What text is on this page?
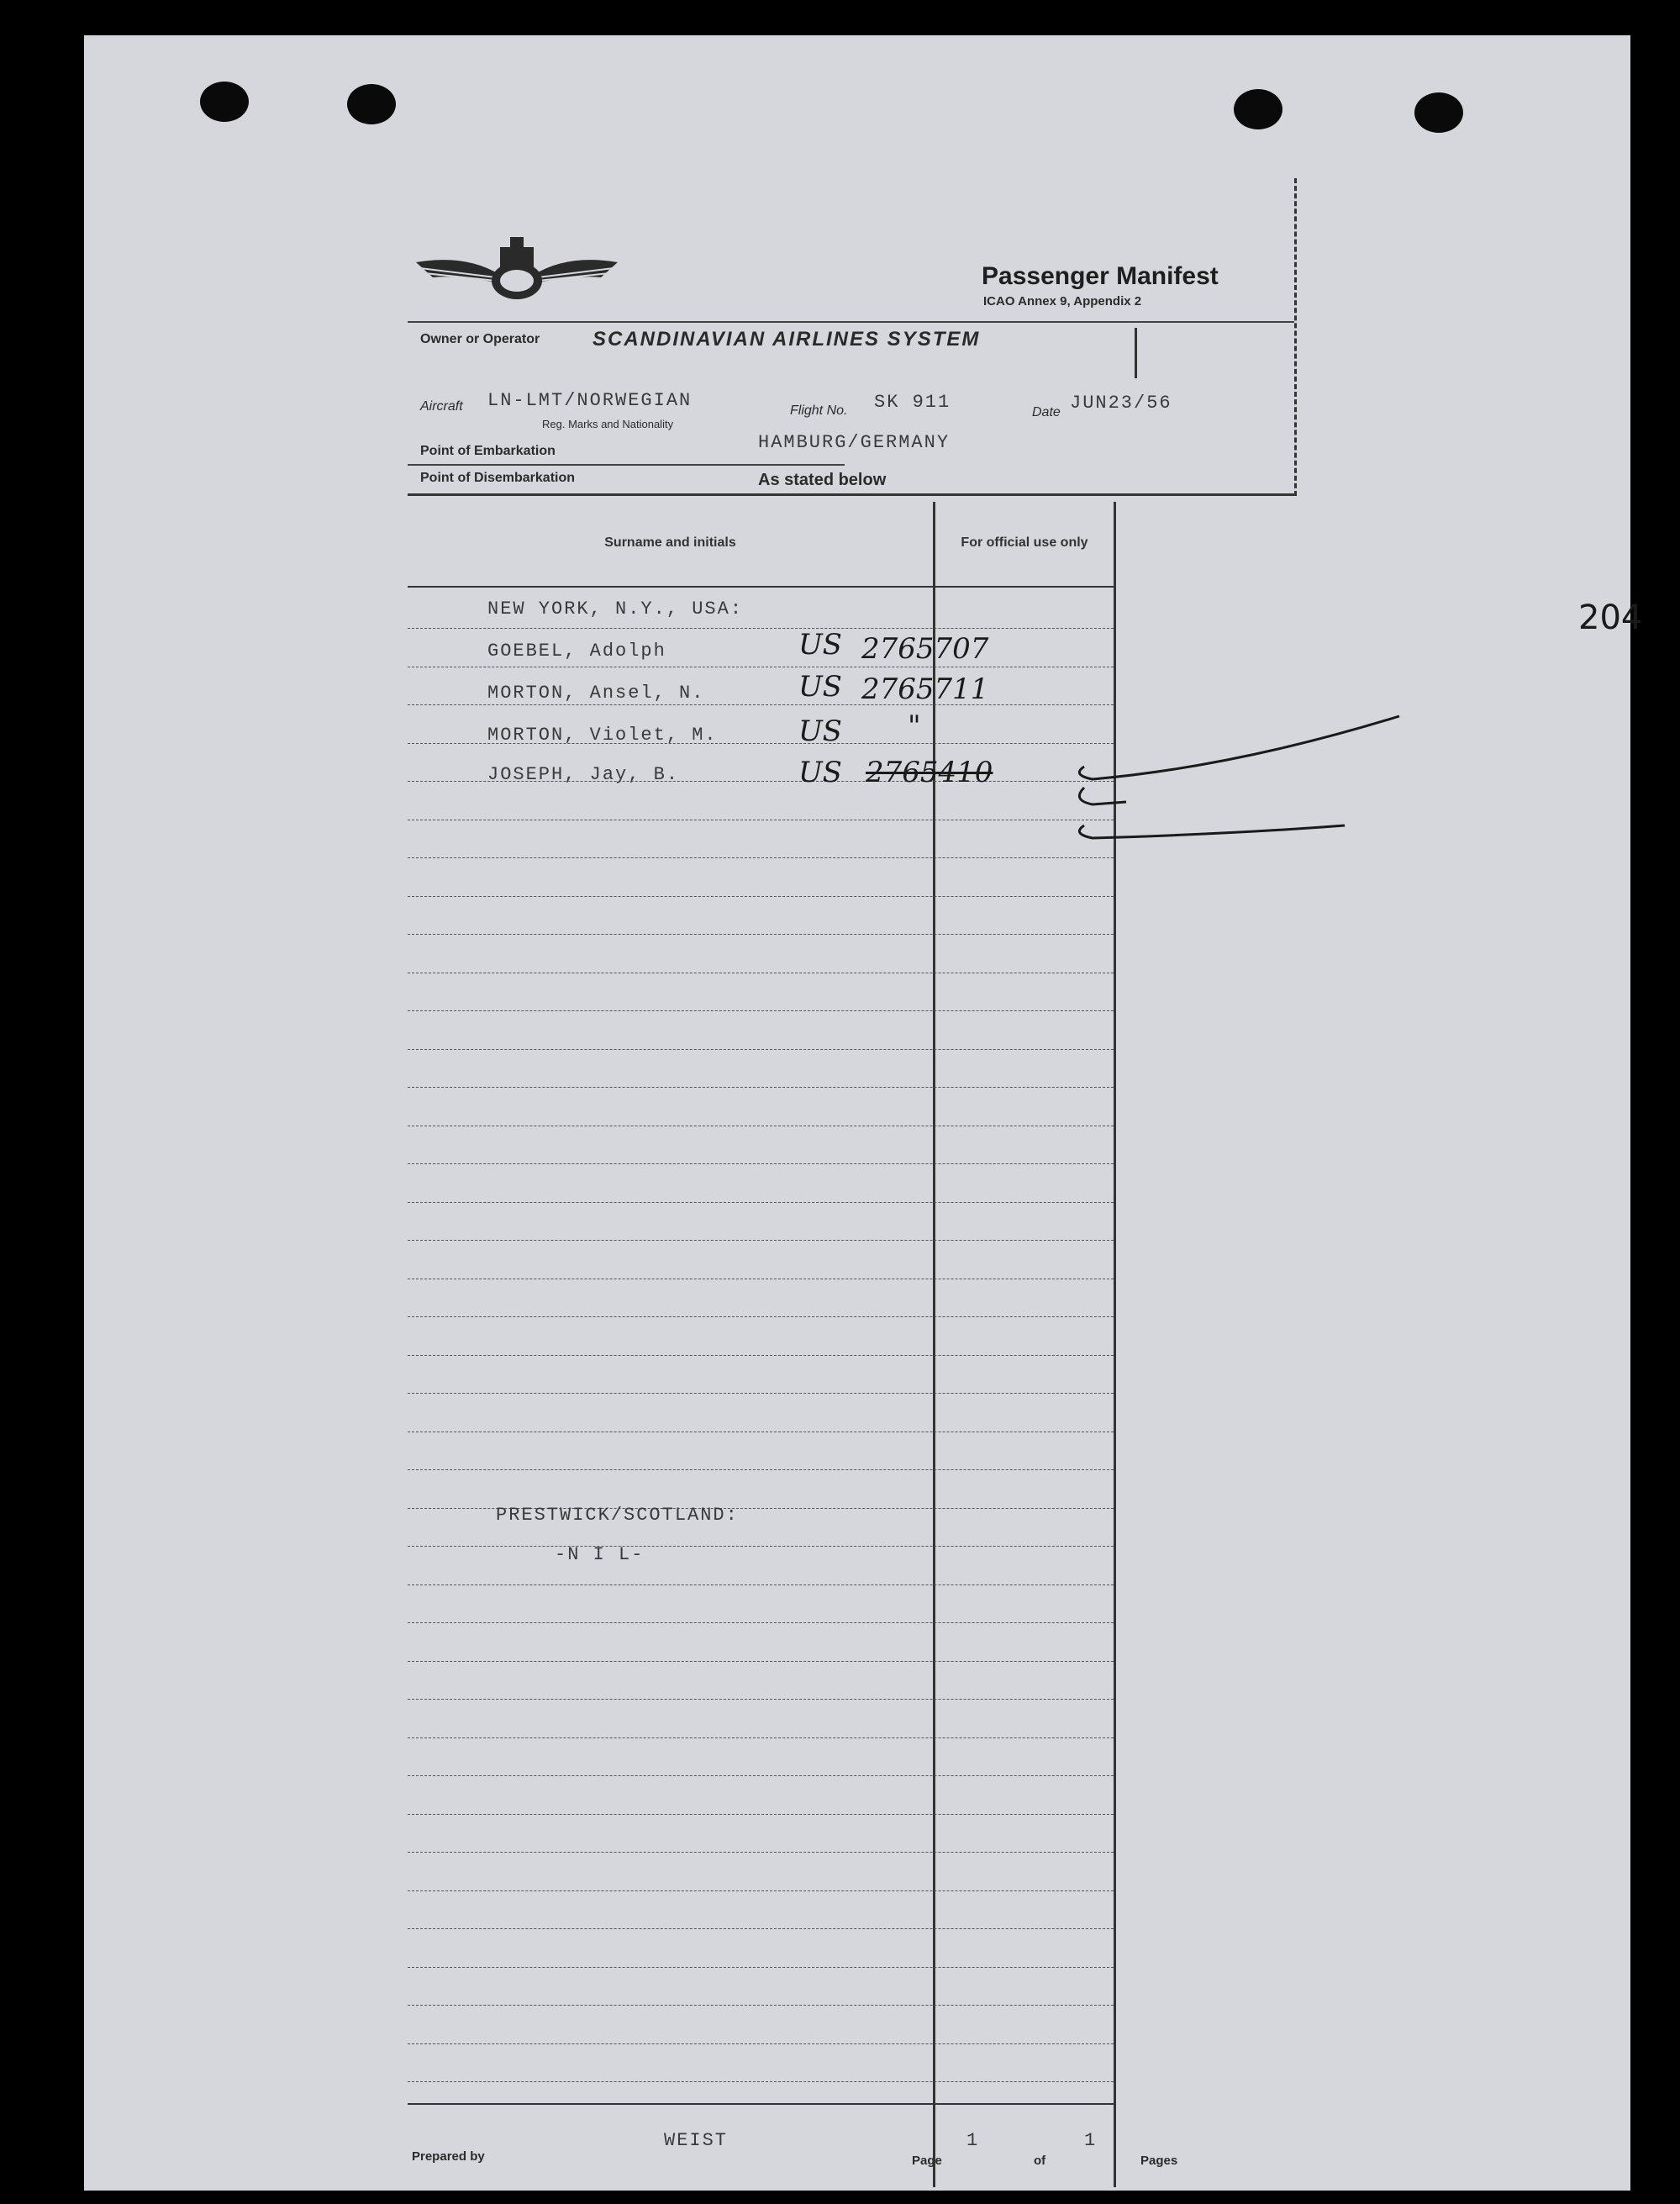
204
Passenger Manifest
ICAO Annex 9, Appendix 2
Owner or Operator	SCANDINAVIAN AIRLINES SYSTEM
Aircraft LN-LMT/NORWEGIAN
Reg. Marks and Nationality
Flight No. SK 911	Date JUN23/56
Point of Embarkation	HAMBURG/GERMANY
Point of Disembarkation	As stated below
Surname and initials	For official use only
NEW YORK, N.Y., USA:
GOEBEL, Adolph	US 2765707
MORTON, Ansel, N.	US 2765711
MORTON, Violet, M.	US "
JOSEPH, Jay, B.	US 2765410
PRESTWICK/SCOTLAND:
-N I L-
Prepared by
WEIST
Page
1
of
1
Pages
